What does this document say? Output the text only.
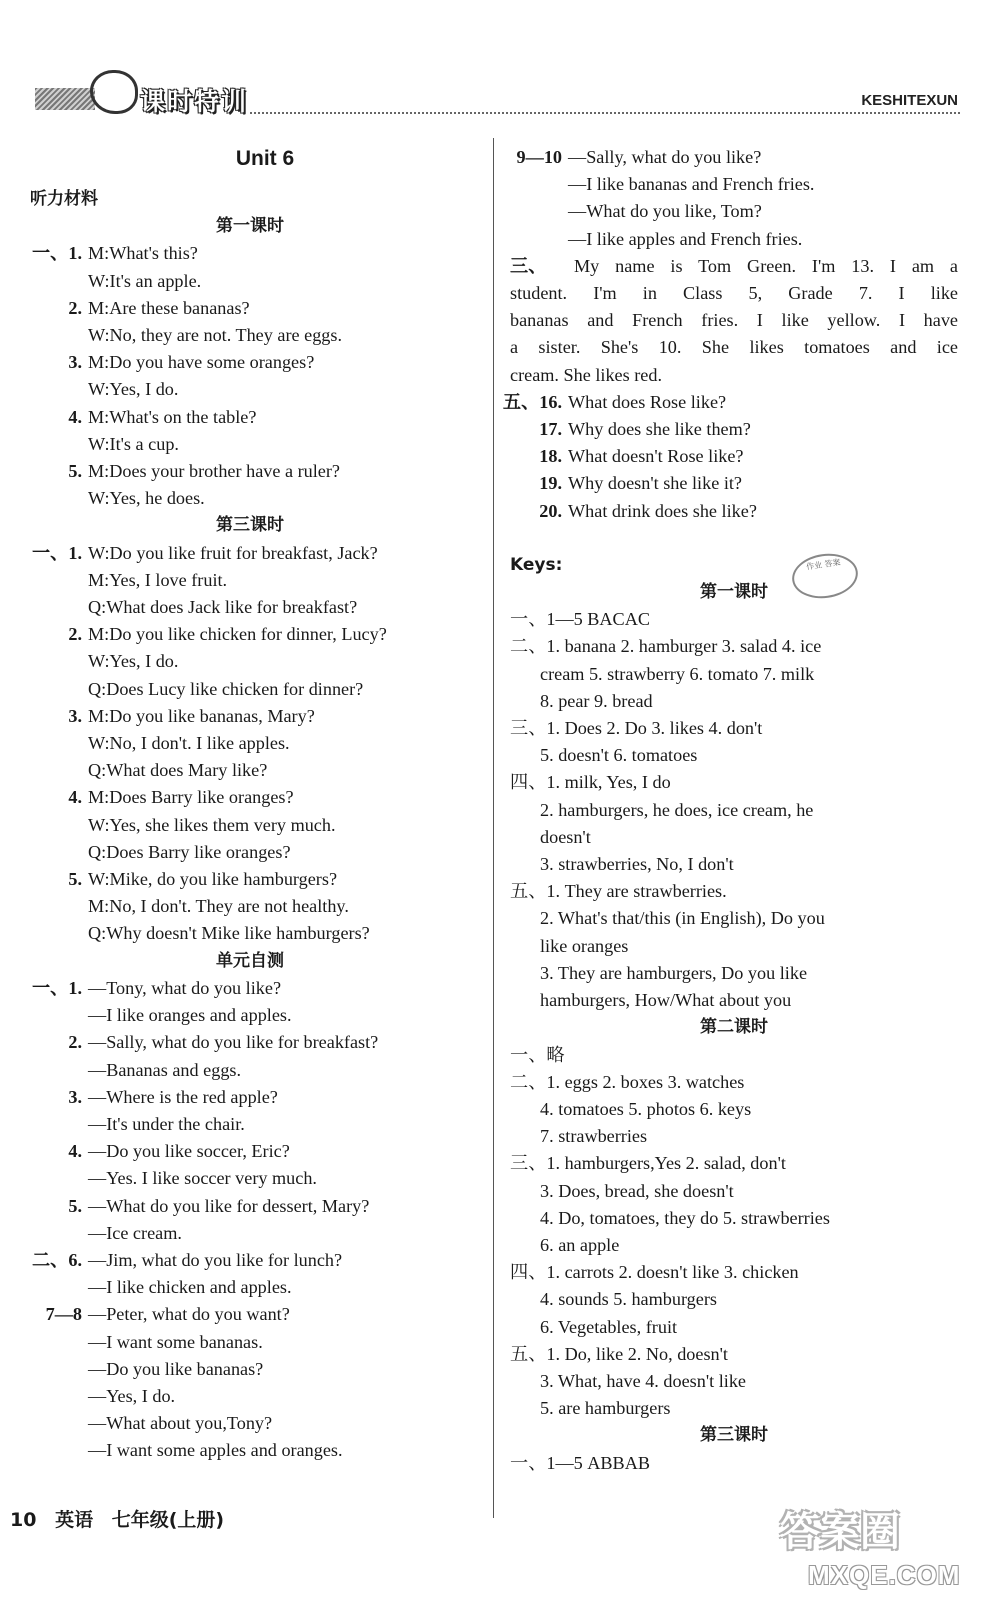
课时特训	KESHITEXUN
Unit 6
听力材料
第一课时
一、1. M:What's this?
W:It's an apple.
2. M:Are these bananas?
W:No, they are not. They are eggs.
3. M:Do you have some oranges?
W:Yes, I do.
4. M:What's on the table?
W:It's a cup.
5. M:Does your brother have a ruler?
W:Yes, he does.
第三课时
一、1. W:Do you like fruit for breakfast, Jack?
M:Yes, I love fruit.
Q:What does Jack like for breakfast?
2. M:Do you like chicken for dinner, Lucy?
W:Yes, I do.
Q:Does Lucy like chicken for dinner?
3. M:Do you like bananas, Mary?
W:No, I don't. I like apples.
Q:What does Mary like?
4. M:Does Barry like oranges?
W:Yes, she likes them very much.
Q:Does Barry like oranges?
5. W:Mike, do you like hamburgers?
M:No, I don't. They are not healthy.
Q:Why doesn't Mike like hamburgers?
单元自测
一、1. —Tony, what do you like?
—I like oranges and apples.
2. —Sally, what do you like for breakfast?
—Bananas and eggs.
3. —Where is the red apple?
—It's under the chair.
4. —Do you like soccer, Eric?
—Yes. I like soccer very much.
5. —What do you like for dessert, Mary?
—Ice cream.
二、6. —Jim, what do you like for lunch?
—I like chicken and apples.
7—8 —Peter, what do you want?
—I want some bananas.
—Do you like bananas?
—Yes, I do.
—What about you,Tony?
—I want some apples and oranges.
9—10 —Sally, what do you like?
—I like bananas and French fries.
—What do you like, Tom?
—I like apples and French fries.
三、	My name is Tom Green. I'm 13. I am a
student. I'm in Class 5, Grade 7. I like
bananas and French fries. I like yellow. I have
a sister. She's 10. She likes tomatoes and ice
cream. She likes red.
五、16. What does Rose like?
17. Why does she like them?
18. What doesn't Rose like?
19. Why doesn't she like it?
20. What drink does she like?
Keys:
第一课时
一、1—5 BACAC
二、1. banana 2. hamburger 3. salad 4. ice
cream 5. strawberry 6. tomato 7. milk
8. pear 9. bread
三、1. Does 2. Do 3. likes 4. don't
5. doesn't 6. tomatoes
四、1. milk, Yes, I do
2. hamburgers, he does, ice cream, he
doesn't
3. strawberries, No, I don't
五、1. They are strawberries.
2. What's that/this (in English), Do you
like oranges
3. They are hamburgers, Do you like
hamburgers, How/What about you
第二课时
一、略
二、1. eggs 2. boxes 3. watches
4. tomatoes 5. photos 6. keys
7. strawberries
三、1. hamburgers,Yes 2. salad, don't
3. Does, bread, she doesn't
4. Do, tomatoes, they do 5. strawberries
6. an apple
四、1. carrots 2. doesn't like 3. chicken
4. sounds 5. hamburgers
6. Vegetables, fruit
五、1. Do, like 2. No, doesn't
3. What, have 4. doesn't like
5. are hamburgers
第三课时
一、1—5 ABBAB
作业 答案
10 英语 七年级(上册)	答案圈
MXQE.COM
